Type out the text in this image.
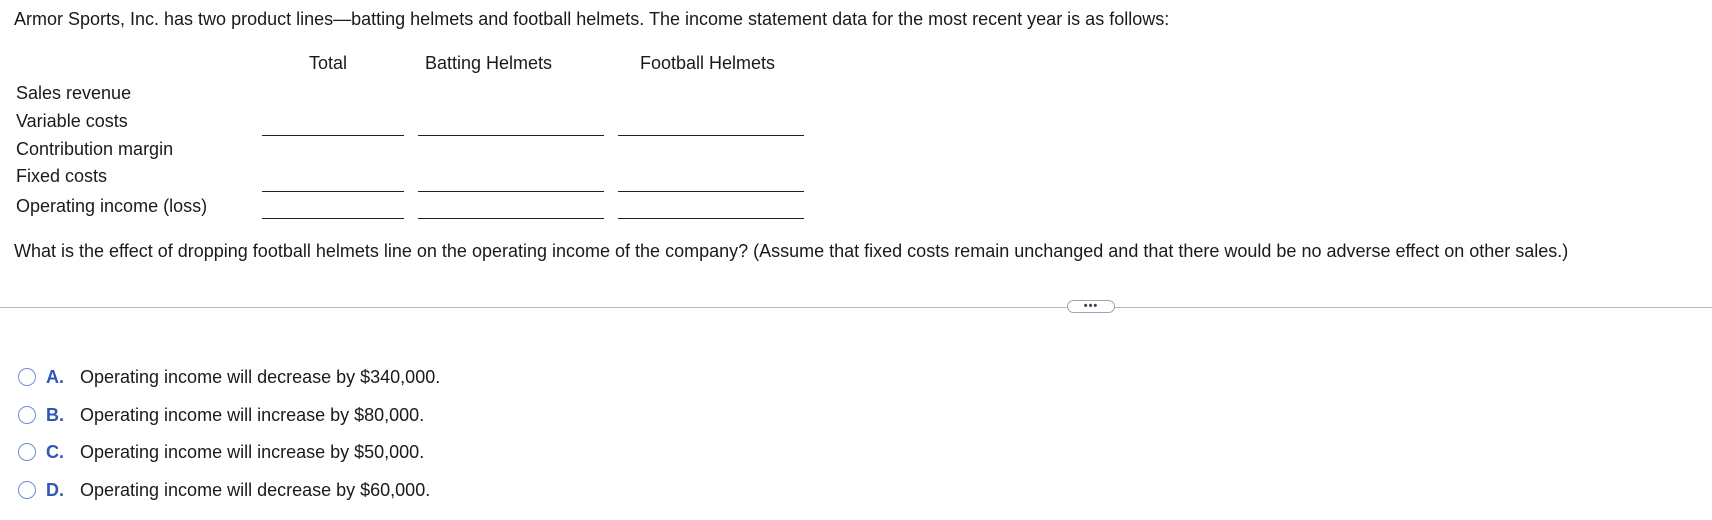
Armor Sports, Inc. has two product lines—batting helmets and football helmets. The income statement data for the most recent year is as follows:
Total	Batting Helmets	Football Helmets
Sales revenue
Variable costs
Contribution margin
Fixed costs
Operating income (loss)
What is the effect of dropping football helmets line on the operating income of the company? (Assume that fixed costs remain unchanged and that there would be no adverse effect on other sales.)
•••
A. Operating income will decrease by $340,000.
B. Operating income will increase by $80,000.
C. Operating income will increase by $50,000.
D. Operating income will decrease by $60,000.
